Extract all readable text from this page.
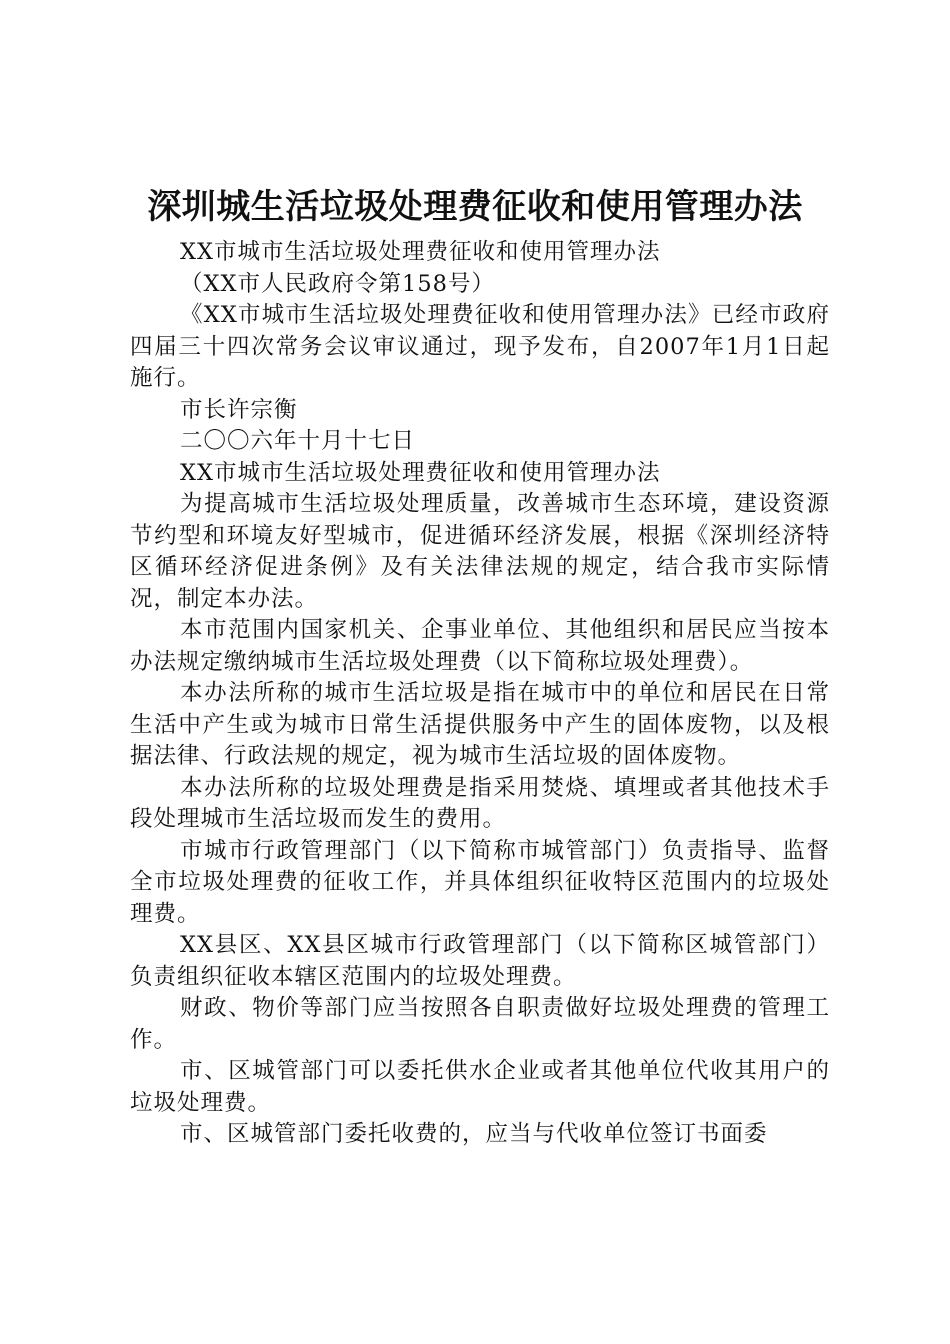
深圳城生活垃圾处理费征收和使用管理办法

XX市城市生活垃圾处理费征收和使用管理办法

（XX市人民政府令第158号）

《XX市城市生活垃圾处理费征收和使用管理办法》已经市政府四届三十四次常务会议审议通过，现予发布，自2007年1月1日起施行。

市长许宗衡

二〇〇六年十月十七日

XX市城市生活垃圾处理费征收和使用管理办法

为提高城市生活垃圾处理质量，改善城市生态环境，建设资源节约型和环境友好型城市，促进循环经济发展，根据《深圳经济特区循环经济促进条例》及有关法律法规的规定，结合我市实际情况，制定本办法。

本市范围内国家机关、企事业单位、其他组织和居民应当按本办法规定缴纳城市生活垃圾处理费（以下简称垃圾处理费）。

本办法所称的城市生活垃圾是指在城市中的单位和居民在日常生活中产生或为城市日常生活提供服务中产生的固体废物，以及根据法律、行政法规的规定，视为城市生活垃圾的固体废物。

本办法所称的垃圾处理费是指采用焚烧、填埋或者其他技术手段处理城市生活垃圾而发生的费用。

市城市行政管理部门（以下简称市城管部门）负责指导、监督全市垃圾处理费的征收工作，并具体组织征收特区范围内的垃圾处理费。

XX县区、XX县区城市行政管理部门（以下简称区城管部门）负责组织征收本辖区范围内的垃圾处理费。

财政、物价等部门应当按照各自职责做好垃圾处理费的管理工作。

市、区城管部门可以委托供水企业或者其他单位代收其用户的垃圾处理费。

市、区城管部门委托收费的，应当与代收单位签订书面委
